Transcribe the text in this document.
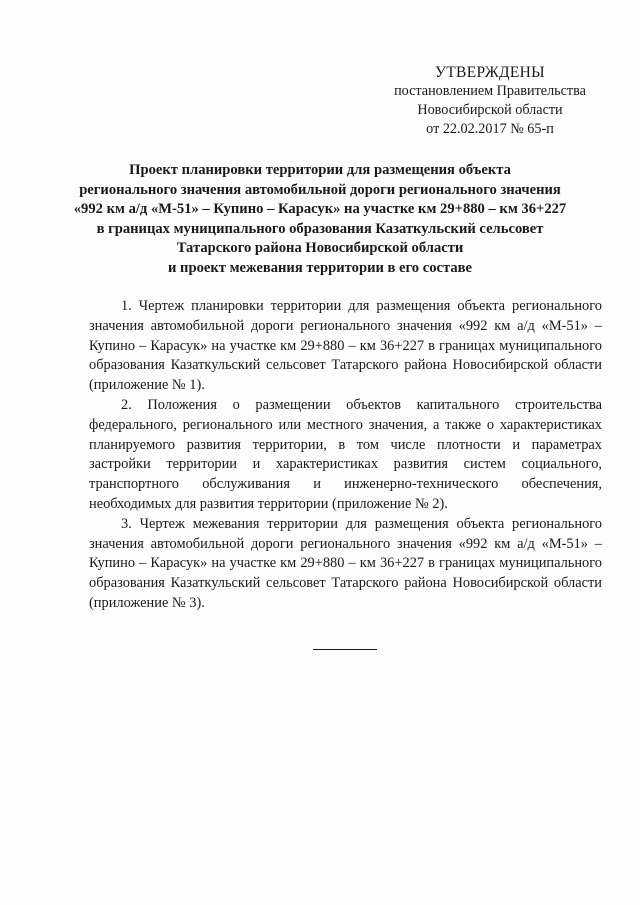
УТВЕРЖДЕНЫ
постановлением Правительства
Новосибирской области
от 22.02.2017 № 65-п
Проект планировки территории для размещения объекта
регионального значения автомобильной дороги регионального значения
«992 км а/д «М-51» – Купино – Карасук» на участке км 29+880 – км 36+227
в границах муниципального образования Казаткульский сельсовет
Татарского района Новосибирской области
и проект межевания территории в его составе

1. Чертеж планировки территории для размещения объекта регионального значения автомобильной дороги регионального значения «992 км а/д «М-51» – Купино – Карасук» на участке км 29+880 – км 36+227 в границах муниципального образования Казаткульский сельсовет Татарского района Новосибирской области (приложение № 1).

2. Положения о размещении объектов капитального строительства федерального, регионального или местного значения, а также о характеристиках планируемого развития территории, в том числе плотности и параметрах застройки территории и характеристиках развития систем социального, транспортного обслуживания и инженерно-технического обеспечения, необходимых для развития территории (приложение № 2).

3. Чертеж межевания территории для размещения объекта регионального значения автомобильной дороги регионального значения «992 км а/д «М-51» – Купино – Карасук» на участке км 29+880 – км 36+227 в границах муниципального образования Казаткульский сельсовет Татарского района Новосибирской области (приложение № 3).
